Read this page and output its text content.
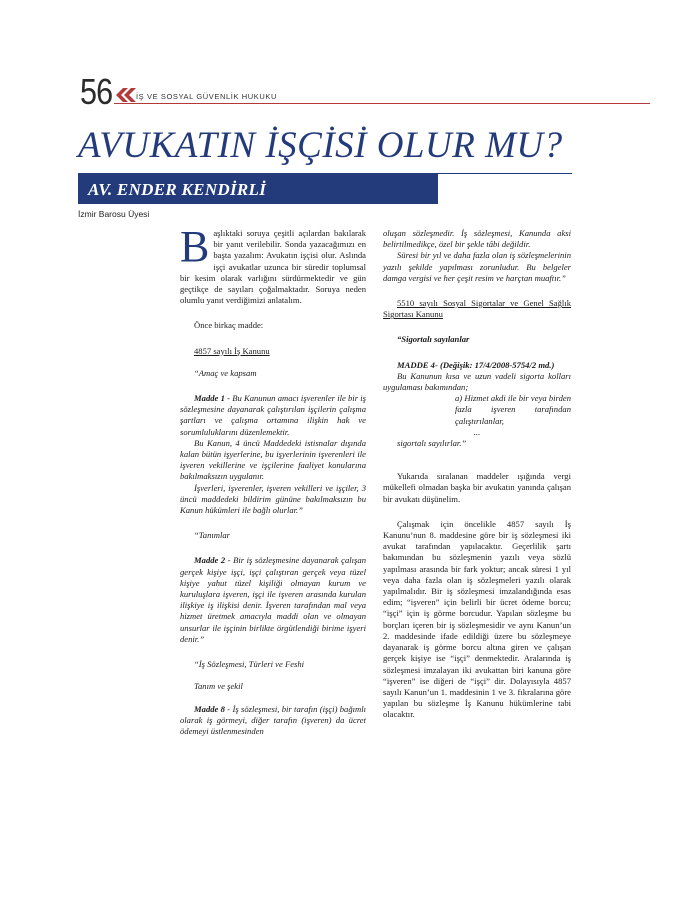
56	İŞ VE SOSYAL GÜVENLİK HUKUKU
AVUKATIN İŞÇİSİ OLUR MU?
AV. ENDER KENDİRLİ
İzmir Barosu Üyesi

Başlıktaki soruya çeşitli açılardan bakılarak bir yanıt verilebilir. Sonda yazacağımızı en başta yazalım: Avukatın işçisi olur. Aslında işçi avukatlar uzunca bir süredir toplumsal bir kesim olarak varlığını sürdürmektedir ve gün geçtikçe de sayıları çoğalmaktadır. Soruya neden olumlu yanıt verdiğimizi anlatalım.

Önce birkaç madde:

4857 sayılı İş Kanunu

“Amaç ve kapsam

Madde 1 - Bu Kanunun amacı işverenler ile bir iş sözleşmesine dayanarak çalıştırılan işçilerin çalışma şartları ve çalışma ortamına ilişkin hak ve sorumluluklarını düzenlemektir.

Bu Kanun, 4 üncü Maddedeki istisnalar dışında kalan bütün işyerlerine, bu işyerlerinin işverenleri ile işveren vekillerine ve işçilerine faaliyet konularına bakılmaksızın uygulanır.

İşverleri, işverenler, işveren vekilleri ve işçiler, 3 üncü maddedeki bildirim gününe bakılmaksızın bu Kanun hükümleri ile bağlı olurlar.”

“Tanımlar

Madde 2 - Bir iş sözleşmesine dayanarak çalışan gerçek kişiye işçi, işçi çalıştıran gerçek veya tüzel kişiye yahut tüzel kişiliği olmayan kurum ve kuruluşlara işveren, işçi ile işveren arasında kurulan ilişkiye iş ilişkisi denir. İşveren tarafından mal veya hizmet üretmek amacıyla maddi olan ve olmayan unsurlar ile işçinin birlikte örgütlendiği birime işyeri denir.”

“İş Sözleşmesi, Türleri ve Feshi

Tanım ve şekil

Madde 8 - İş sözleşmesi, bir tarafın (işçi) bağımlı olarak iş görmeyi, diğer tarafın (işveren) da ücret ödemeyi üstlenmesinden

oluşan sözleşmedir. İş sözleşmesi, Kanunda aksi belirtilmedikçe, özel bir şekle tâbi değildir.

Süresi bir yıl ve daha fazla olan iş sözleşmelerinin yazılı şekilde yapılması zorunludur. Bu belgeler damga vergisi ve her çeşit resim ve harçtan muaftır.”

5510 sayılı Sosyal Sigortalar ve Genel Sağlık Sigortası Kanunu

“Sigortalı sayılanlar

MADDE 4- (Değişik: 17/4/2008-5754/2 md.)

Bu Kanunun kısa ve uzun vadeli sigorta kolları uygulaması bakımından;

a) Hizmet akdi ile bir veya birden fazla işveren tarafından çalıştırılanlar,

...

sigortalı sayılırlar.”

Yukarıda sıralanan maddeler ışığında vergi mükellefi olmadan başka bir avukatın yanında çalışan bir avukatı düşünelim.

Çalışmak için öncelikle 4857 sayılı İş Kanunu’nun 8. maddesine göre bir iş sözleşmesi iki avukat tarafından yapılacaktır. Geçerlilik şartı bakımından bu sözleşmenin yazılı veya sözlü yapılması arasında bir fark yoktur; ancak süresi 1 yıl veya daha fazla olan iş sözleşmeleri yazılı olarak yapılmalıdır. Bir iş sözleşmesi imzalandığında esas edim; “işveren” için belirli bir ücret ödeme borcu; “işçi” için iş görme borcudur. Yapılan sözleşme bu borçları içeren bir iş sözleşmesidir ve aynı Kanun’un 2. maddesinde ifade edildiği üzere bu sözleşmeye dayanarak iş görme borcu altına giren ve çalışan gerçek kişiye ise “işçi” denmektedir. Aralarında iş sözleşmesi imzalayan iki avukattan biri kanuna göre “işveren” ise diğeri de “işçi” dir. Dolayısıyla 4857 sayılı Kanun’un 1. maddesinin 1 ve 3. fıkralarına göre yapılan bu sözleşme İş Kanunu hükümlerine tabi olacaktır.
